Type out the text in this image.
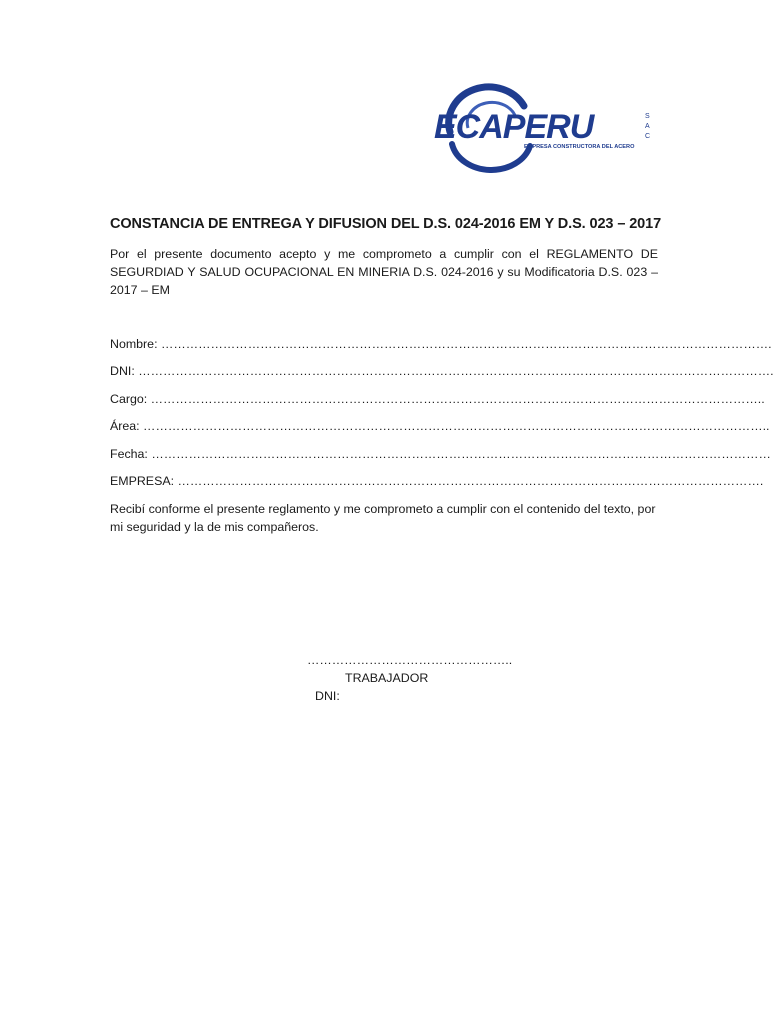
ECAPERU	S
A
C
EMPRESA CONSTRUCTORA DEL ACERO
CONSTANCIA DE ENTREGA Y DIFUSION DEL D.S. 024-2016 EM Y D.S. 023 – 2017
Por el presente documento acepto y me comprometo a cumplir con el REGLAMENTO DE SEGURDIAD Y SALUD OCUPACIONAL EN MINERIA D.S. 024-2016 y su Modificatoria D.S. 023 – 2017 – EM
Nombre: ………………………………………………………………………………………………………………………………….
DNI: ……………………………………………………………………………………………………………………………………….
Cargo: …………………………………………………………………………………………………………………………………..
Área: ……………………………………………………………………………………………………………………………………..
Fecha: ……………………………………………………………………………………………………………………………………
EMPRESA: …………………………………………………………………………………………………………………………….
Recibí conforme el presente reglamento y me comprometo a cumplir con el contenido del texto, por mi seguridad y la de mis compañeros.
…………………………………………..
TRABAJADOR
DNI:
